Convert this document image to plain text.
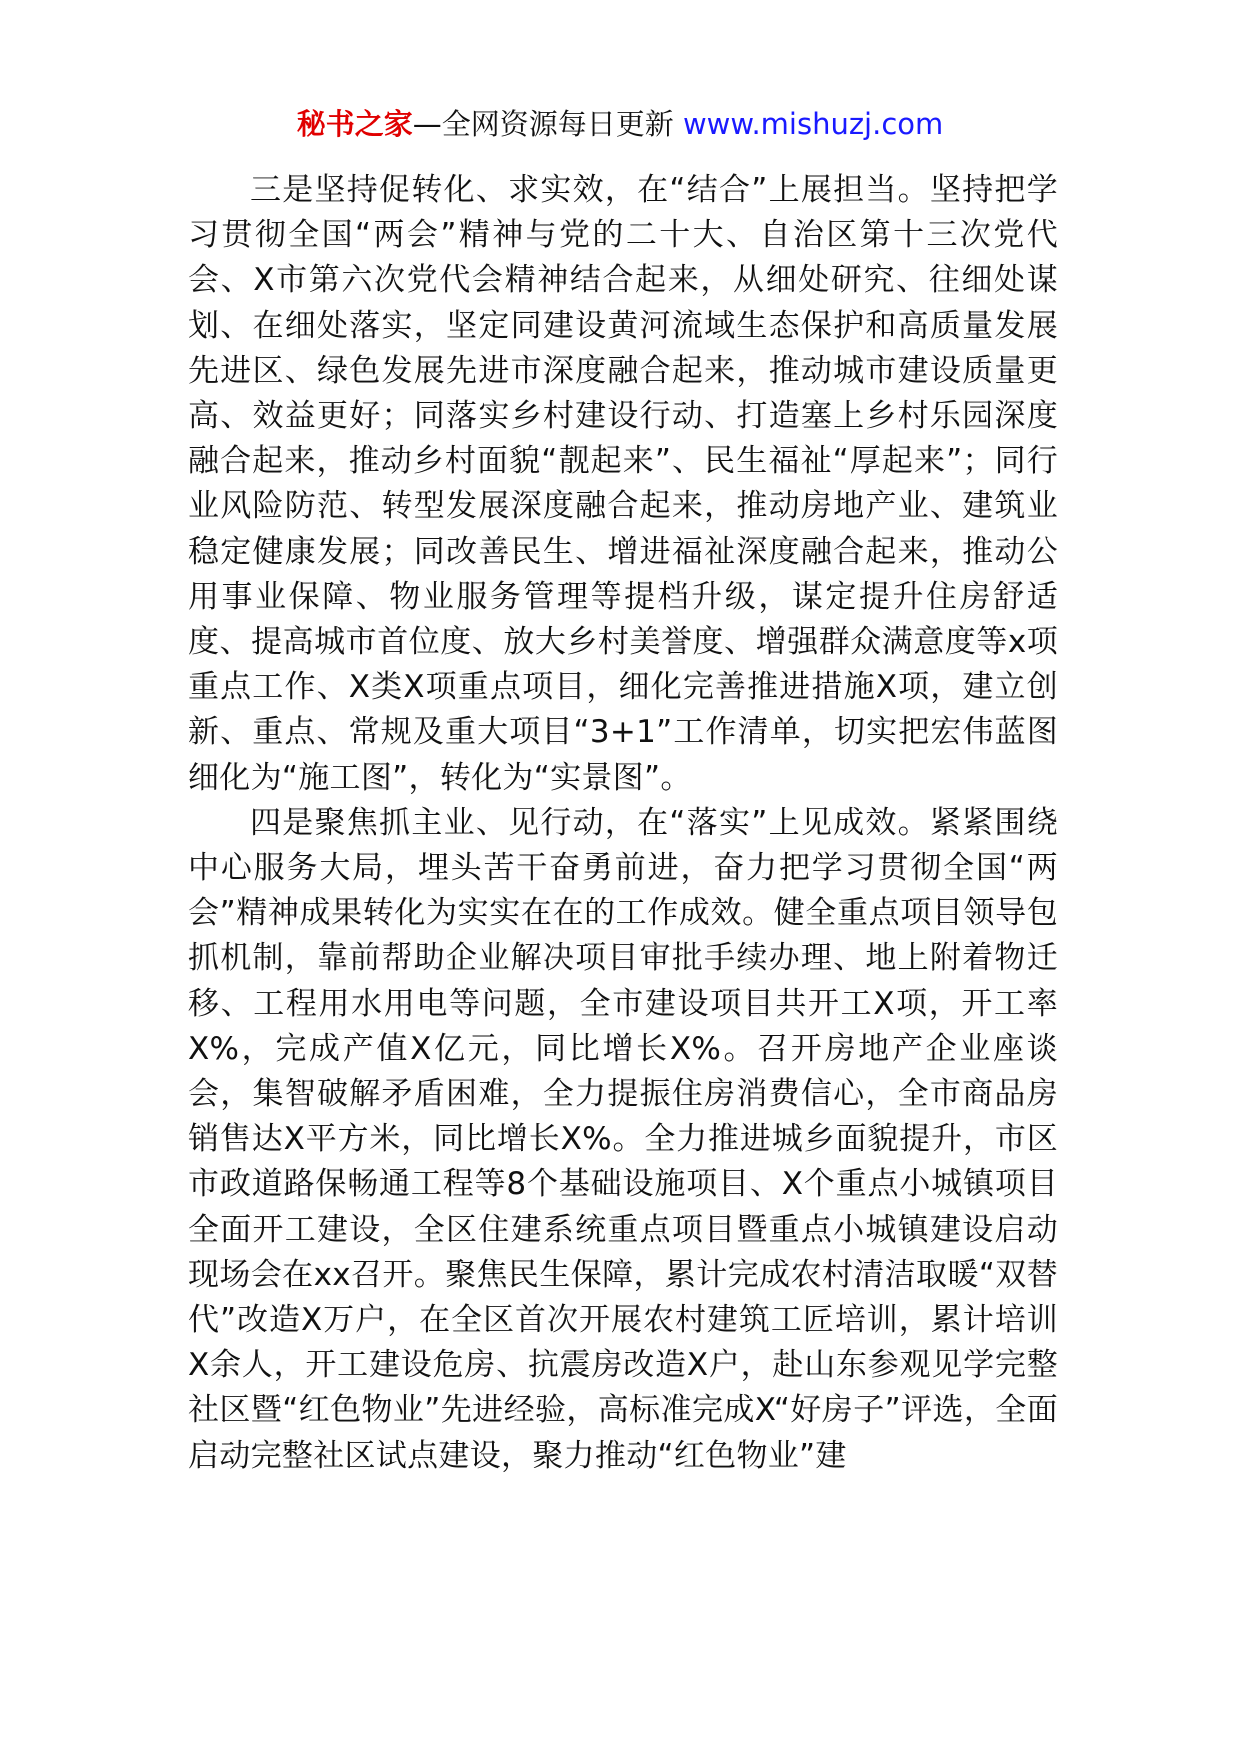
秘书之家—全网资源每日更新 www.mishuzj.com

三是坚持促转化、求实效，在“结合”上展担当。坚持把学习贯彻全国“两会”精神与党的二十大、自治区第十三次党代会、X市第六次党代会精神结合起来，从细处研究、往细处谋划、在细处落实，坚定同建设黄河流域生态保护和高质量发展先进区、绿色发展先进市深度融合起来，推动城市建设质量更高、效益更好；同落实乡村建设行动、打造塞上乡村乐园深度融合起来，推动乡村面貌“靓起来”、民生福祉“厚起来”；同行业风险防范、转型发展深度融合起来，推动房地产业、建筑业稳定健康发展；同改善民生、增进福祉深度融合起来，推动公用事业保障、物业服务管理等提档升级，谋定提升住房舒适度、提高城市首位度、放大乡村美誉度、增强群众满意度等x项重点工作、X类X项重点项目，细化完善推进措施X项，建立创新、重点、常规及重大项目“3+1”工作清单，切实把宏伟蓝图细化为“施工图”，转化为“实景图”。

四是聚焦抓主业、见行动，在“落实”上见成效。紧紧围绕中心服务大局，埋头苦干奋勇前进，奋力把学习贯彻全国“两会”精神成果转化为实实在在的工作成效。健全重点项目领导包抓机制，靠前帮助企业解决项目审批手续办理、地上附着物迁移、工程用水用电等问题，全市建设项目共开工X项，开工率X%，完成产值X亿元，同比增长X%。召开房地产企业座谈会，集智破解矛盾困难，全力提振住房消费信心，全市商品房销售达X平方米，同比增长X%。全力推进城乡面貌提升，市区市政道路保畅通工程等8个基础设施项目、X个重点小城镇项目全面开工建设，全区住建系统重点项目暨重点小城镇建设启动现场会在xx召开。聚焦民生保障，累计完成农村清洁取暖“双替代”改造X万户，在全区首次开展农村建筑工匠培训，累计培训X余人，开工建设危房、抗震房改造X户，赴山东参观见学完整社区暨“红色物业”先进经验，高标准完成X“好房子”评选，全面启动完整社区试点建设，聚力推动“红色物业”建
